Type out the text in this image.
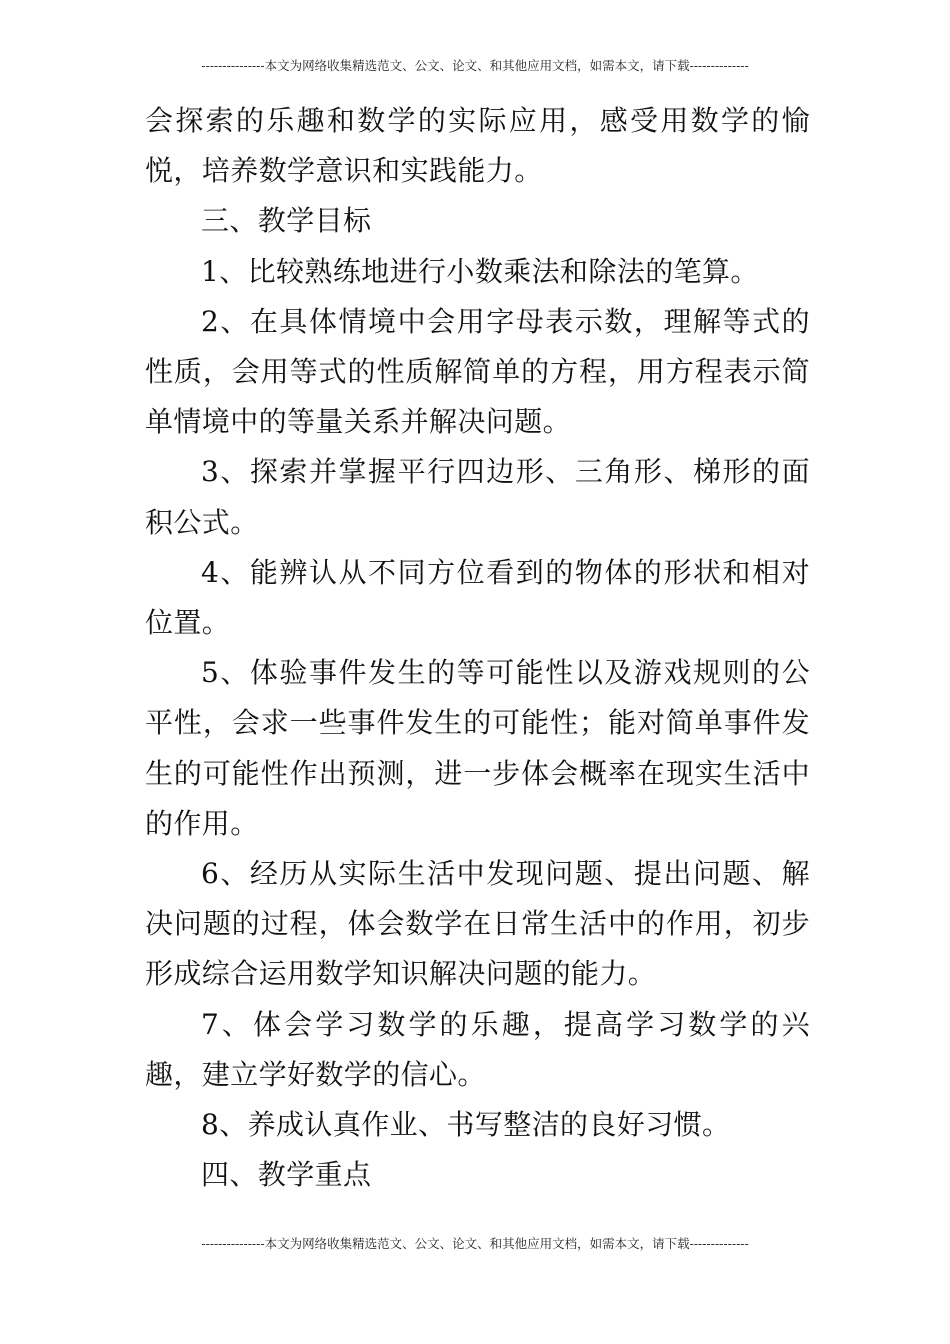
---------------本文为网络收集精选范文、公文、论文、和其他应用文档，如需本文，请下载--------------

会探索的乐趣和数学的实际应用，感受用数学的愉悦，培养数学意识和实践能力。

三、教学目标

1、比较熟练地进行小数乘法和除法的笔算。

2、在具体情境中会用字母表示数，理解等式的性质，会用等式的性质解简单的方程，用方程表示简单情境中的等量关系并解决问题。

3、探索并掌握平行四边形、三角形、梯形的面积公式。

4、能辨认从不同方位看到的物体的形状和相对位置。

5、体验事件发生的等可能性以及游戏规则的公平性，会求一些事件发生的可能性；能对简单事件发生的可能性作出预测，进一步体会概率在现实生活中的作用。

6、经历从实际生活中发现问题、提出问题、解决问题的过程，体会数学在日常生活中的作用，初步形成综合运用数学知识解决问题的能力。

7、体会学习数学的乐趣，提高学习数学的兴趣，建立学好数学的信心。

8、养成认真作业、书写整洁的良好习惯。

四、教学重点

---------------本文为网络收集精选范文、公文、论文、和其他应用文档，如需本文，请下载--------------
